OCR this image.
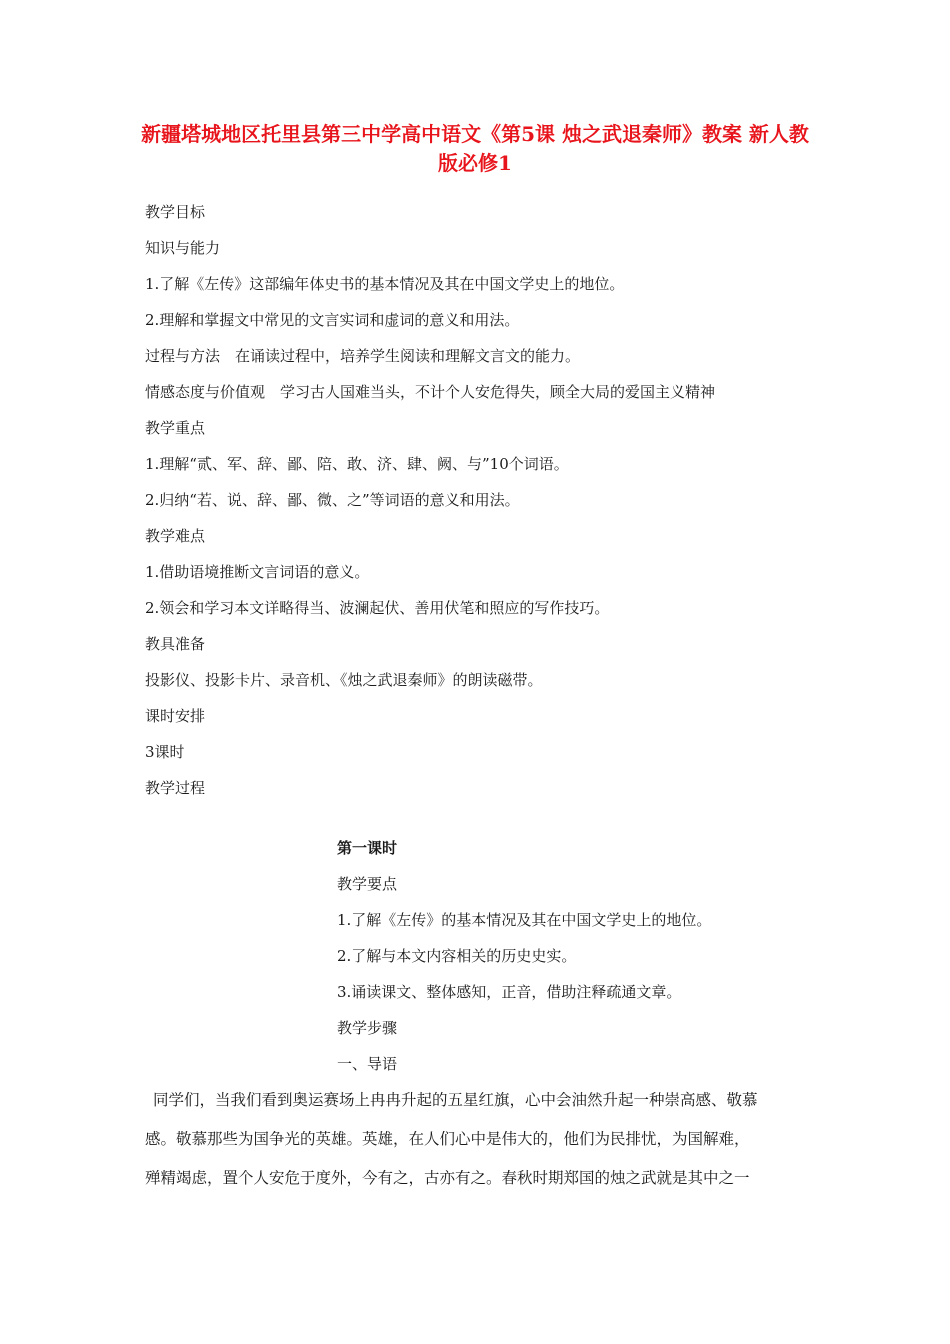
新疆塔城地区托里县第三中学高中语文《第5课 烛之武退秦师》教案 新人教版必修1
教学目标
知识与能力
1.了解《左传》这部编年体史书的基本情况及其在中国文学史上的地位。
2.理解和掌握文中常见的文言实词和虚词的意义和用法。
过程与方法　在诵读过程中，培养学生阅读和理解文言文的能力。
情感态度与价值观　学习古人国难当头，不计个人安危得失，顾全大局的爱国主义精神
教学重点
1.理解“贰、军、辞、鄙、陪、敢、济、肆、阙、与”10个词语。
2.归纳“若、说、辞、鄙、微、之”等词语的意义和用法。
教学难点
1.借助语境推断文言词语的意义。
2.领会和学习本文详略得当、波澜起伏、善用伏笔和照应的写作技巧。
教具准备
投影仪、投影卡片、录音机、《烛之武退秦师》的朗读磁带。
课时安排
3课时
教学过程
第一课时
教学要点
1.了解《左传》的基本情况及其在中国文学史上的地位。
2.了解与本文内容相关的历史史实。
3.诵读课文、整体感知，正音，借助注释疏通文章。
教学步骤
一、导语
同学们，当我们看到奥运赛场上冉冉升起的五星红旗，心中会油然升起一种崇高感、敬慕
感。敬慕那些为国争光的英雄。英雄，在人们心中是伟大的，他们为民排忧，为国解难，
殚精竭虑，置个人安危于度外，今有之，古亦有之。春秋时期郑国的烛之武就是其中之一
